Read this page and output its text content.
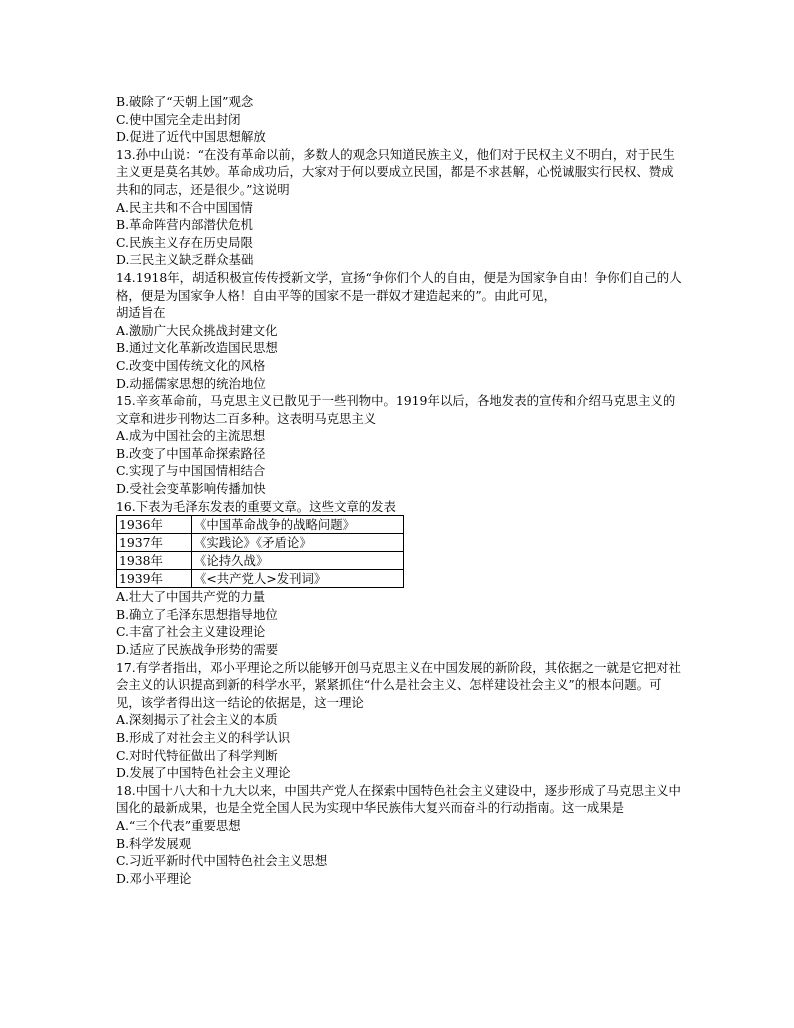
B.破除了“天朝上国”观念

C.使中国完全走出封闭

D.促进了近代中国思想解放

13.孙中山说：“在没有革命以前，多数人的观念只知道民族主义，他们对于民权主义不明白，对于民生主义更是莫名其妙。革命成功后，大家对于何以要成立民国，都是不求甚解，心悦诚服实行民权、赞成共和的同志，还是很少。”这说明

A.民主共和不合中国国情

B.革命阵营内部潜伏危机

C.民族主义存在历史局限

D.三民主义缺乏群众基础

14.1918年，胡适积极宣传传授新文学，宣扬“争你们个人的自由，便是为国家争自由！争你们自己的人格，便是为国家争人格！自由平等的国家不是一群奴才建造起来的”。由此可见，

胡适旨在

A.激励广大民众挑战封建文化

B.通过文化革新改造国民思想

C.改变中国传统文化的风格

D.动摇儒家思想的统治地位

15.辛亥革命前，马克思主义已散见于一些刊物中。1919年以后，各地发表的宣传和介绍马克思主义的文章和进步刊物达二百多种。这表明马克思主义

A.成为中国社会的主流思想

B.改变了中国革命探索路径

C.实现了与中国国情相结合

D.受社会变革影响传播加快

16.下表为毛泽东发表的重要文章。这些文章的发表

1936年	《中国革命战争的战略问题》
1937年	《实践论》《矛盾论》
1938年	《论持久战》
1939年	《<共产党人>发刊词》

A.壮大了中国共产党的力量

B.确立了毛泽东思想指导地位

C.丰富了社会主义建设理论

D.适应了民族战争形势的需要

17.有学者指出，邓小平理论之所以能够开创马克思主义在中国发展的新阶段，其依据之一就是它把对社会主义的认识提高到新的科学水平，紧紧抓住“什么是社会主义、怎样建设社会主义”的根本问题。可见，该学者得出这一结论的依据是，这一理论

A.深刻揭示了社会主义的本质

B.形成了对社会主义的科学认识

C.对时代特征做出了科学判断

D.发展了中国特色社会主义理论

18.中国十八大和十九大以来，中国共产党人在探索中国特色社会主义建设中，逐步形成了马克思主义中国化的最新成果，也是全党全国人民为实现中华民族伟大复兴而奋斗的行动指南。这一成果是

A.“三个代表”重要思想

B.科学发展观

C.习近平新时代中国特色社会主义思想

D.邓小平理论
